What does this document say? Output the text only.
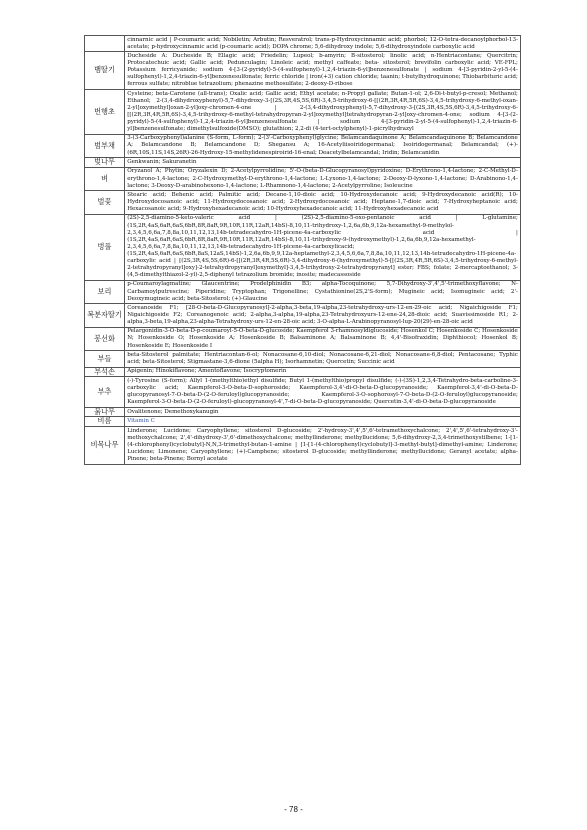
	cinnarnic acid | P-coumaric acid; Nobiletin; Arbutin; Resveratrol; trans-p-Hydroxycinnamic acid; phorbol; 12-O-tetra-decanoylphorbol-13-acetate; p-hydroxycinnamic acid (p-coumaric acid); DOPA chrome; 5,6-dihydroxy indole; 5,6-dihydroxyindole carboxylic acid
뱀딸기	Ducheside A: Ducheside B; Ellagic acid; Friedelin; Lupeol; b-amyrin; B-sitosterol; linolic acid; n-Hentriacontane; Quercitrin; Protocatechuic acid; Gallic acid; Pedunculagin; Linoleic acid; methyl caffeate; beta- sitosterol; brevifolin carboxylic acid; VE-FPL; Potassium ferricyanide; sodium 4-[3-(2-pyridyl)-5-(4-sulfophenyl)-1,2,4-triazin-6-yl]benzenesulfonate | sodium 4-[3-pyridin-2-yl-5-(4-sulfophenyl)-1,2,4-triazin-6-yl]benzenesulfonate; ferric chloride | iron(+3) cation chloride; taanin; t-butylhydroquinone; Thiobarbituric acid; ferrous sulfate; nitroblue tetrazolium; phenazine methosulfate; 2-deoxy-D-ribose
번행초	Cysteine; beta-Carotene (all-trans); Oxalic acid; Gallic acid; Ethyl acetate; n-Propyl gallate; Butan-1-ol; 2,6-Di-t-butyl-p-cresol; Methanol; Ethanol; 2-(3,4-dihydroxyphenyl)-5,7-dihydroxy-3-[(2S,3R,4S,5S,6R)-3,4,5-trihydroxy-6-[[(2R,3R,4R,5R,6S)-3,4,5-trihydroxy-6-methyl-oxan-2-yl]oxymethyl]oxan-2-yl]oxy-chromen-4-one | 2-(3,4-dihydroxyphenyl)-5,7-dihydroxy-3-[(2S,3R,4S,5S,6R)-3,4,5-trihydroxy-6-[[(2R,3R,4R,5R,6S)-3,4,5-trihydroxy-6-methyl-tetrahydropyran-2-yl]oxymethyl]tetrahydropyran-2-yl]oxy-chromen-4-one; sodium 4-[3-(2-pyridyl)-5-(4-sulfophenyl)-1,2,4-triazin-6-yl]benzenesulfonate | sodium 4-[3-pyridin-2-yl-5-(4-sulfophenyl)-1,2,4-triazin-6-yl]benzenesulfonate; dimethylsulfoxide(DMSO); glutathion; 2,2-di (4-tert-octylphenyl)-1-picrylhydrazyl
범부채	3-(3-Carboxyphenyl)alanine (S-form, L-form); 2-(3'-Carboxyphenyl)glycine; Belamcandaquinone A; Belamcandaquinone B; Belamcandone A; Belamcandone B; Belamcandone D; Shegansu A; 16-Acetyliisoiridogermanal; Isoiridogermanal; Belamcandal; (+)-(6R,10S,11S,14S,26R)-26-Hydroxy-15-methylidenespiroirid-16-enal; Deacetylbelamcandal; Iridin; Belamcanidin
벚나무	Genkwanin; Sakuranetin
벼	Oryzanol A; Phytin; Oryzalexin D; 2-Acetylpyrrolidine; 5'-O-(beta-D-Glucopyranosyl)pyridoxine; D-Erythrono-1,4-lactone; 2-C-Methyl-D-erythrono-1,4-lactone; 2-C-Hydroxymethyl-D-erythrono-1,4-lactone; L-Lyxono-1,4-lactone; 2-Deoxy-D-lyxono-1,4-lactone; D-Arabinono-1,4-lactone; 3-Deoxy-D-arabinohexono-1,4-lactone; L-Rhamnono-1,4-lactone; 2-Acetylpyrroline; Isoleucine
벌꽃	Stearic acid; Behenic acid; Palmitic acid; Decane-1,10-dioic acid; 10-Hydroxydecanoic acid; 9-Hydroxydecanoic acid(R); 10-Hydroxydocosanoic acid; 11-Hydroxydocosanoic acid; 2-Hydroxydocosanoic acid; Heptane-1,7-dioic acid; 7-Hydroxyheptanoic acid; Hexacosanoic acid; 9-Hydroxyhexadecanoic acid; 10-Hydroxyhexadecanoic acid; 11-Hydroxyhexadecanoic acid
벙풀	(2S)-2,5-diamino-5-keto-valeric acid | (2S)-2,5-diamino-5-oxo-pentanoic acid | L-glutamine; (1S,2R,4aS,6aR,6aS,6bR,8R,8aR,9R,10R,11R,12aR,14bS)-8,10,11-trihydroxy-1,2,6a,6b,9,12a-hexamethyl-9-methylol-2,3,4,5,6,6a,7,8,8a,10,11,12,13,14b-tetradecahydro-1H-picene-4a-carboxylic acid | (1S,2R,4aS,6aR,6aS,6bR,8R,8aR,9R,10R,11R,12aR,14bS)-8,10,11-trihydroxy-9-(hydroxymethyl)-1,2,6a,6b,9,12a-hexamethyl-2,3,4,5,6,6a,7,8,8a,10,11,12,13,14b-tetradecahydro-1H-picene-4a-carboxylicacid;(1S,2R,4aS,6aR,6aS,6bR,8aS,12aS,14bS)-1,2,6a,6b,9,9,12a-heptamethyl-2,3,4,5,6,6a,7,8,8a,10,11,12,13,14b-tetradecahydro-1H-picene-4a-carboxylic acid | [(2S,3R,4S,5S,6R)-6-[[(2R,3R,4R,5S,6R)-3,4-dihydroxy-6-(hydroxymethyl)-5-[[(2S,3R,4R,5R,6S)-3,4,5-trihydroxy-6-methyl-2-tetrahydropyranyl]oxy]-2-tetrahydropyranyl]oxymethyl]-3,4,5-trihydroxy-2-tetrahydropyranyl] ester; FBS; folate; 2-mercaptoethanol; 3-(4,5-dimethylthiazol-2-yl)-2,5-diphenyl tetrazolium bromide; inosite; madecassoside
보리	p-Coumaroylagmatine; Glaucentrine; Prodelphinidin B3; alpha-Tocoquinone; 5,7-Dihydroxy-3',4',5'-trimethoxyflavone; N-Carbamoylputrescine; Piperidine; Tryptophan; Trigonelline; Cystathionine(2S,2'S-form); Mugineic acid; Isomugineic acid; 2'-Deoxymugineic acid; beta-Sitosterol; (+)-Glaucine
복분자딸기	Coreanoside F1; [28-O-beta-D-Glucopyranosyl]-2-alpha,3-beta,19-alpha,23-tetrahydroxy-urs-12-en-29-oic acid; Nigaichigoside F1; Nigaichigoside F2; Coreanogenoic acid; 2-alpha,3-alpha,19-alpha,23-Tetrahydroxyurs-12-ene-24,28-dioic acid; Suavissimoside R1; 2-alpha,3-beta,19-alpha,23-alpha-Tetrahydroxy-urs-12-en-28-oic acid; 3-O-alpha-L-Arabinopyranosyl-lup-20(29)-en-28-oic acid
봉선화	Pelargonidin-3-O-beta-D-p-coumaroyl-5-O-beta-D-glucoside; Kaempferol 3-rhamnosyldiglucoside; Hosenkol C; Hosenkoside C; Hosenkoside N; Hosenkoside O; Hosenkoside A; Hosenkoside B; Balsaminone A; Balsaminone B; 4,4'-Bisofraxidin; Diphthiocol; Hosenkol B; Hosenkoside E; Hosenkoside I
부들	beta-Sitosterol palmitate; Hentriacontan-6-ol; Nonacosane-6,10-diol; Nonacosane-6,21-diol; Nonacosane-6,8-diol; Pentacosane; Typhic acid; beta-Sitosterol; Stigmastane-3,6-dione (5alpha H); Isorhamnetin; Quercetin; Succinic acid
부석손	Apigenin; Hinokiflavone; Amentoflavone; Isocryptomerin
부추	(-)-Tyrosine (S-form); Allyl 1-(methylthio)ethyl disulfide; Butyl 1-(methylthio)propyl disulfide; (-)-(3S)-1,2,3,4-Tetrahydro-beta-carboline-3-carboxylic acid; Kaempferol-3-O-beta-D-sophoroside; Kaempferol-3,4'-di-O-beta-D-glucopyranoside; Kaempferol-3,4'-di-O-beta-D-glucopyranosyl-7-O-beta-D-(2-O-feruloyl)glucopyranoside; Kaempferol-3-O-sophorosyl-7-O-beta-D-(2-O-feruloyl)glucopyranoside; Kaempferol-3-O-beta-D-(2-O-feruloyl)-glucopyranosyl-4',7-di-O-beta-D-glucopyranoside; Quercetin-3,4'-di-O-beta-D-glucopyranoside
붉나무	Ovalitenone; Demethoxykanugin
비름	Vitamin C
비목나무	Linderone; Lucidone; Caryophyllene; sitosterol D-glucoside; 2'-hydroxy-3',4',5',6'-tetramethoxychalcone; 2',4',5',6'-tetrahydroxy-3'-methoxychalcone; 2',4'-dihydroxy-3',6'-dimethoxychalcone; methyllinderone; methyllucidone; 5,6-dihydroxy-2,3,4-trimethoxystilbene; 1-[1-(4-chlorophenyl)cyclobutyl]-N,N,3-trimethyl-butan-1-amine | [1-[1-(4-chlorophenyl)cyclobutyl]-3-methyl-butyl]-dimethyl-amine; Linderone; Lucidone; Limonene; Caryophyllene; (+)-Camphene; sitosterol D-glucoside; methyllinderone; methyllucidone; Geranyl acetate; alpha-Pinene; beta-Pinene; Bornyl acetate
- 78 -
